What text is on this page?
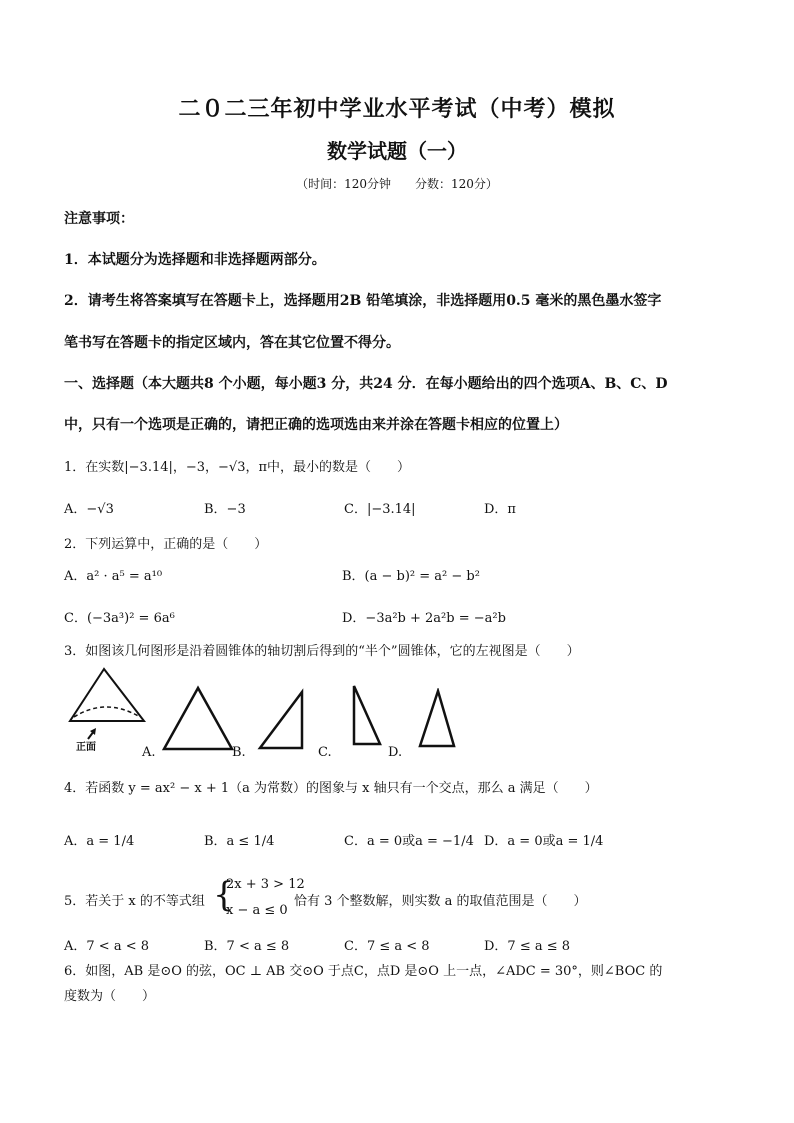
二０二三年初中学业水平考试（中考）模拟
数学试题（一）
（时间：120分钟　　分数：120分）
注意事项：
1．本试题分为选择题和非选择题两部分。
2．请考生将答案填写在答题卡上，选择题用2B 铅笔填涂，非选择题用0.5 毫米的黑色墨水签字
笔书写在答题卡的指定区域内，答在其它位置不得分。
一、选择题（本大题共8 个小题，每小题3 分，共24 分．在每小题给出的四个选项A、B、C、D
中，只有一个选项是正确的，请把正确的选项选由来并涂在答题卡相应的位置上）
1．在实数|−3.14|，−3，−√3，π中，最小的数是（　　）
A．−√3	B．−3	C．|−3.14|	D．π
2．下列运算中，正确的是（　　）
A．a² · a⁵ = a¹⁰	B．(a − b)² = a² − b²
C．(−3a³)² = 6a⁶	D．−3a²b + 2a²b = −a²b
3．如图该几何图形是沿着圆锥体的轴切割后得到的“半个”圆锥体，它的左视图是（　　）
正面	A.	B.	C.	D.
4．若函数 y = ax² − x + 1（a 为常数）的图象与 x 轴只有一个交点，那么 a 满足（　　）
A．a = 1/4	B．a ≤ 1/4	C．a = 0或a = −1/4 D．a = 0或a = 1/4
5．若关于 x 的不等式组 {
2x + 3 > 12
x − a ≤ 0
恰有 3 个整数解，则实数 a 的取值范围是（　　）
A．7 < a < 8	B．7 < a ≤ 8	C．7 ≤ a < 8	D．7 ≤ a ≤ 8
6．如图，AB 是⊙O 的弦，OC ⊥ AB 交⊙O 于点C，点D 是⊙O 上一点，∠ADC = 30°，则∠BOC 的
度数为（　　）
